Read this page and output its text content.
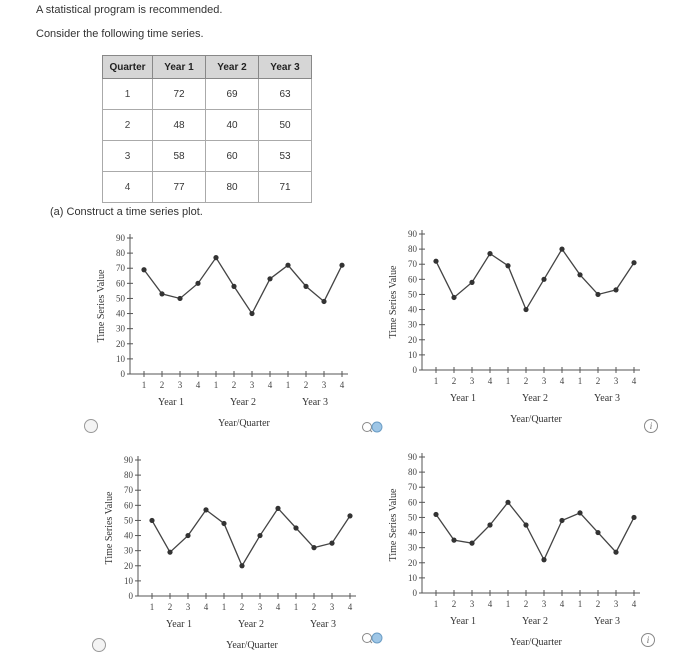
A statistical program is recommended.
Consider the following time series.
Quarter	Year 1	Year 2	Year 3
1	72	69	63
2	48	40	50
3	58	60	53
4	77	80	71
(a) Construct a time series plot.
0
10
20
30
40
50
60
70
80
90
1 2 3 4 1 2 3 4 1 2 3 4
Year 1	Year 2	Year 3
Year/Quarter
Time Series Value
0
10
20
30
40
50
60
70
80
90
1 2 3 4 1 2 3 4 1 2 3 4
Year 1	Year 2	Year 3
Year/Quarter
Time Series Value
0
10
20
30
40
50
60
70
80
90
1 2 3 4 1 2 3 4 1 2 3 4
Year 1	Year 2	Year 3
Year/Quarter
Time Series Value
0
10
20
30
40
50
60
70
80
90
1 2 3 4 1 2 3 4 1 2 3 4
Year 1	Year 2	Year 3
Year/Quarter
Time Series Value
i
i
